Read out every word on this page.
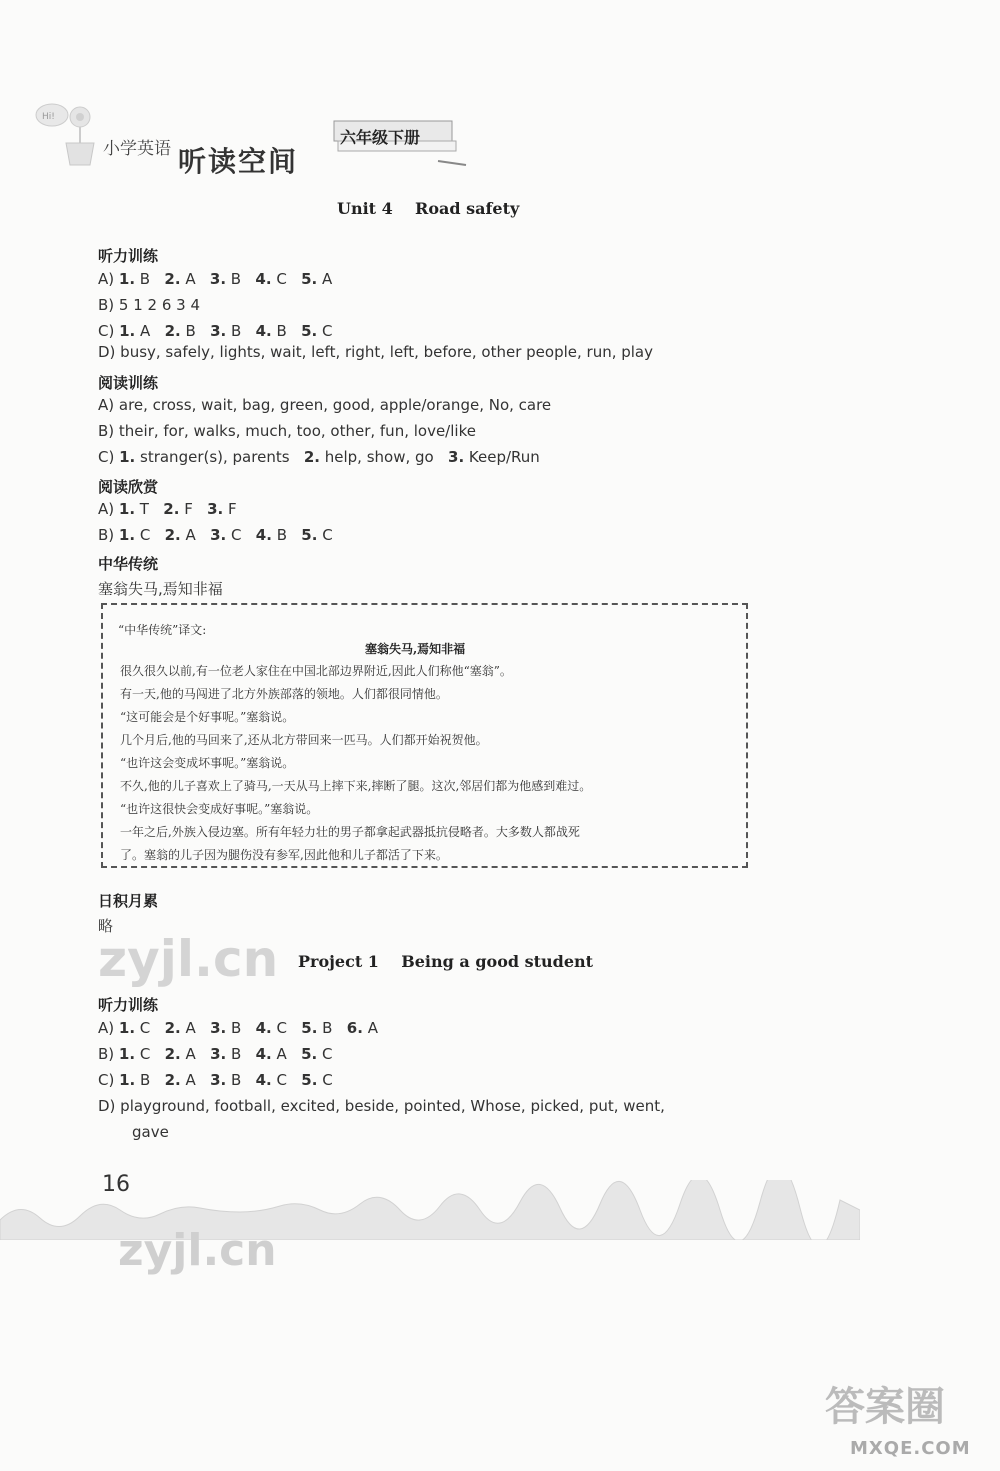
Hi!
小学英语 听读空间
六年级下册
Unit 4    Road safety
听力训练
A) 1. B   2. A   3. B   4. C   5. A
B) 5 1 2 6 3 4
C) 1. A   2. B   3. B   4. B   5. C
D) busy, safely, lights, wait, left, right, left, before, other people, run, play
阅读训练
A) are, cross, wait, bag, green, good, apple/orange, No, care
B) their, for, walks, much, too, other, fun, love/like
C) 1. stranger(s), parents   2. help, show, go   3. Keep/Run
阅读欣赏
A) 1. T   2. F   3. F
B) 1. C   2. A   3. C   4. B   5. C
中华传统
塞翁失马,焉知非福
“中华传统”译文:
塞翁失马,焉知非福
很久很久以前,有一位老人家住在中国北部边界附近,因此人们称他“塞翁”。
有一天,他的马闯进了北方外族部落的领地。人们都很同情他。
“这可能会是个好事呢。”塞翁说。
几个月后,他的马回来了,还从北方带回来一匹马。人们都开始祝贺他。
“也许这会变成坏事呢。”塞翁说。
不久,他的儿子喜欢上了骑马,一天从马上摔下来,摔断了腿。这次,邻居们都为他感到难过。
“也许这很快会变成好事呢。”塞翁说。
一年之后,外族入侵边塞。所有年轻力壮的男子都拿起武器抵抗侵略者。大多数人都战死
了。塞翁的儿子因为腿伤没有参军,因此他和儿子都活了下来。
日积月累
略
zyjl.cn Project 1    Being a good student
听力训练
A) 1. C   2. A   3. B   4. C   5. B   6. A
B) 1. C   2. A   3. B   4. A   5. C
C) 1. B   2. A   3. B   4. C   5. C
D) playground, football, excited, beside, pointed, Whose, picked, put, went,
gave
16
zyjl.cn
答案圈
MXQE.COM
